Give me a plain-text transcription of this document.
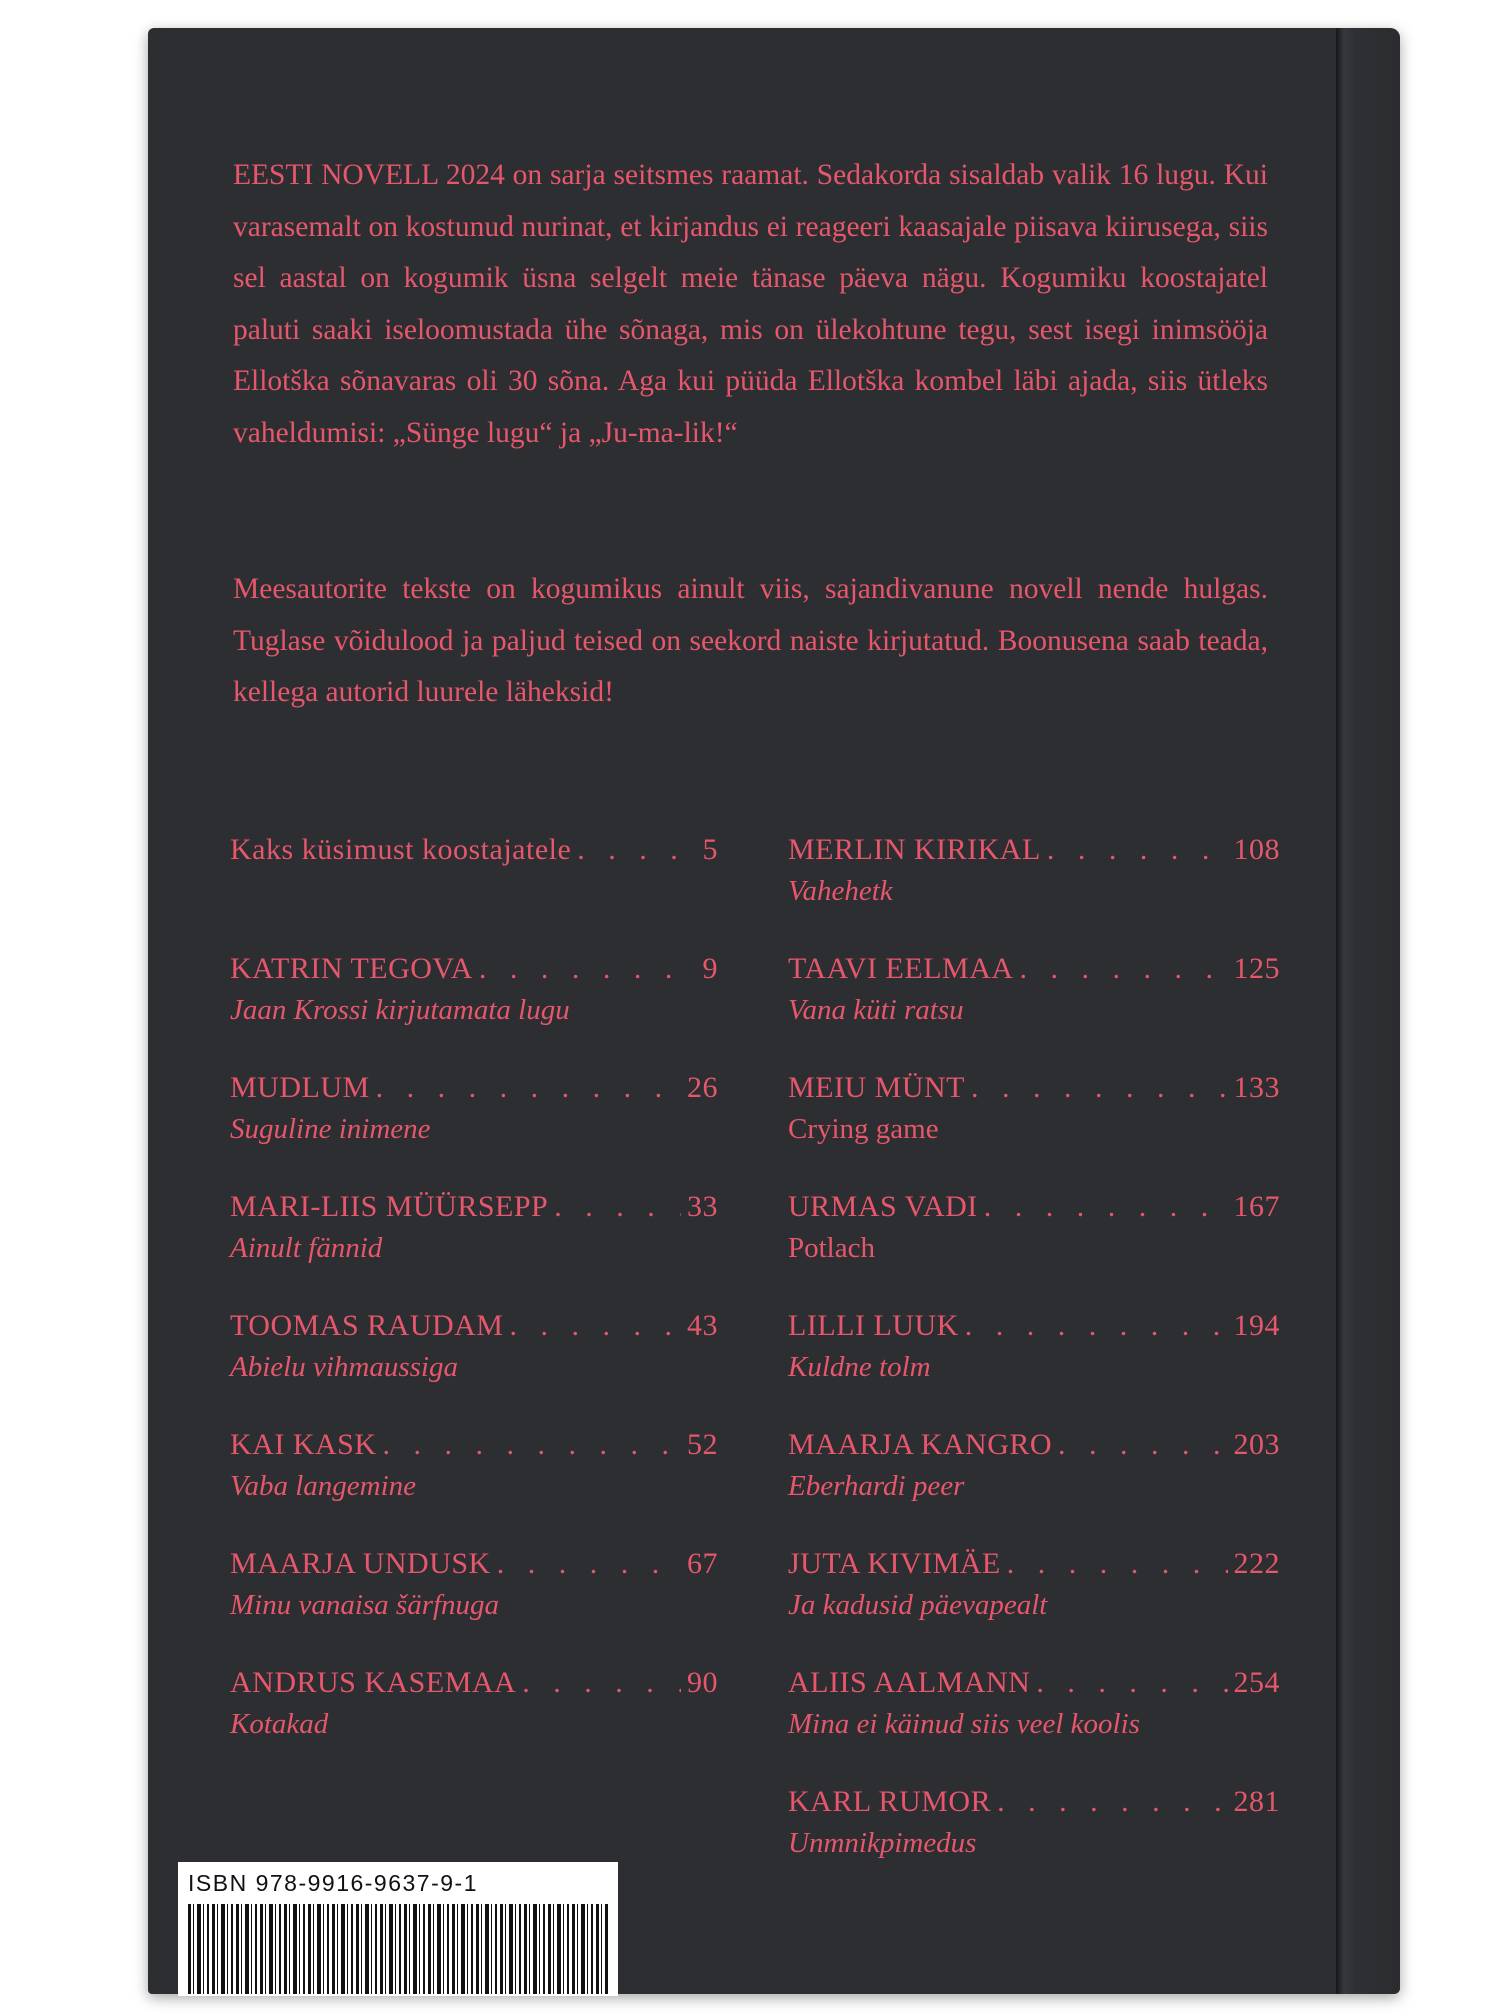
EESTI NOVELL 2024 on sarja seitsmes raamat. Sedakorda sisaldab valik 16 lugu. Kui varasemalt on kostunud nurinat, et kirjandus ei reageeri kaasajale piisava kiirusega, siis sel aastal on kogumik üsna selgelt meie tänase päeva nägu. Kogumiku koostajatel paluti saaki iseloomustada ühe sõnaga, mis on ülekohtune tegu, sest isegi inimsööja Ellotška sõnavaras oli 30 sõna. Aga kui püüda Ellotška kombel läbi ajada, siis ütleks vaheldumisi: „Sünge lugu“ ja „Ju-ma-lik!“

Meesautorite tekste on kogumikus ainult viis, sajandivanune novell nende hulgas. Tuglase võidulood ja paljud teised on seekord naiste kirjutatud. Boonusena saab teada, kellega autorid luurele läheksid!

Kaks küsimust koostajatele . . .	5
KATRIN TEGOVA . . .	9
Jaan Krossi kirjutamata lugu
MUDLUM . . .	26
Suguline inimene
MARI-LIIS MÜÜRSEPP . . .	33
Ainult fännid
TOOMAS RAUDAM . . .	43
Abielu vihmaussiga
KAI KASK . . .	52
Vaba langemine
MAARJA UNDUSK . . .	67
Minu vanaisa šärfnuga
ANDRUS KASEMAA . . .	90
Kotakad
MERLIN KIRIKAL . . .	108
Vahehetk
TAAVI EELMAA . . .	125
Vana küti ratsu
MEIU MÜNT . . .	133
Crying game
URMAS VADI . . .	167
Potlach
LILLI LUUK . . .	194
Kuldne tolm
MAARJA KANGRO . . .	203
Eberhardi peer
JUTA KIVIMÄE . . .	222
Ja kadusid päevapealt
ALIIS AALMANN . . .	254
Mina ei käinud siis veel koolis
KARL RUMOR . . .	281
Unmnikpimedus
ISBN 978-9916-9637-9-1
